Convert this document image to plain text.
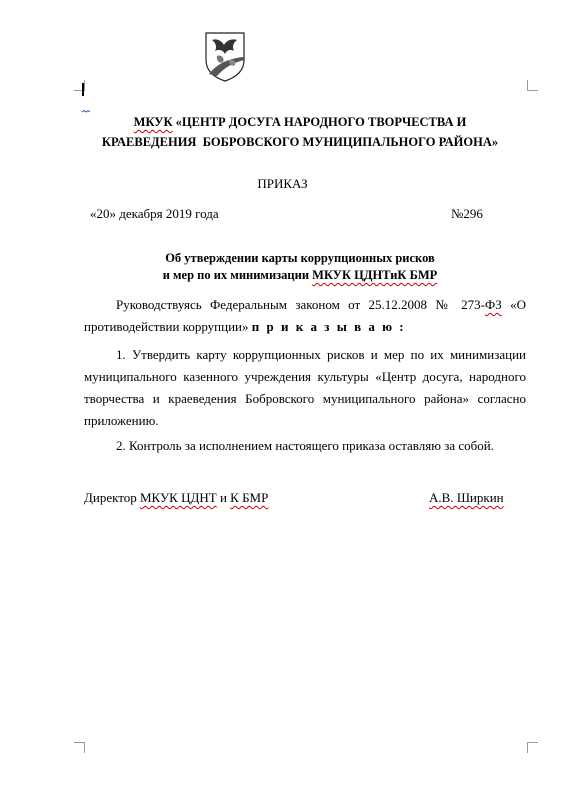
МКУК «ЦЕНТР ДОСУГА НАРОДНОГО ТВОРЧЕСТВА И
КРАЕВЕДЕНИЯ  БОБРОВСКОГО МУНИЦИПАЛЬНОГО РАЙОНА»
ПРИКАЗ
«20» декабря 2019 года	№296
Об утверждении карты коррупционных рисков
и мер по их минимизации МКУК ЦДНТиК БМР
Руководствуясь Федеральным законом от 25.12.2008 № 273-ФЗ «О противодействии коррупции» п р и к а з ы в а ю :
1. Утвердить карту коррупционных рисков и мер по их минимизации муниципального казенного учреждения культуры «Центр досуга, народного творчества и краеведения Бобровского муниципального района» согласно приложению.
2. Контроль за исполнением настоящего приказа оставляю за собой.
Директор МКУК ЦДНТ и К БМР	А.В. Ширкин
